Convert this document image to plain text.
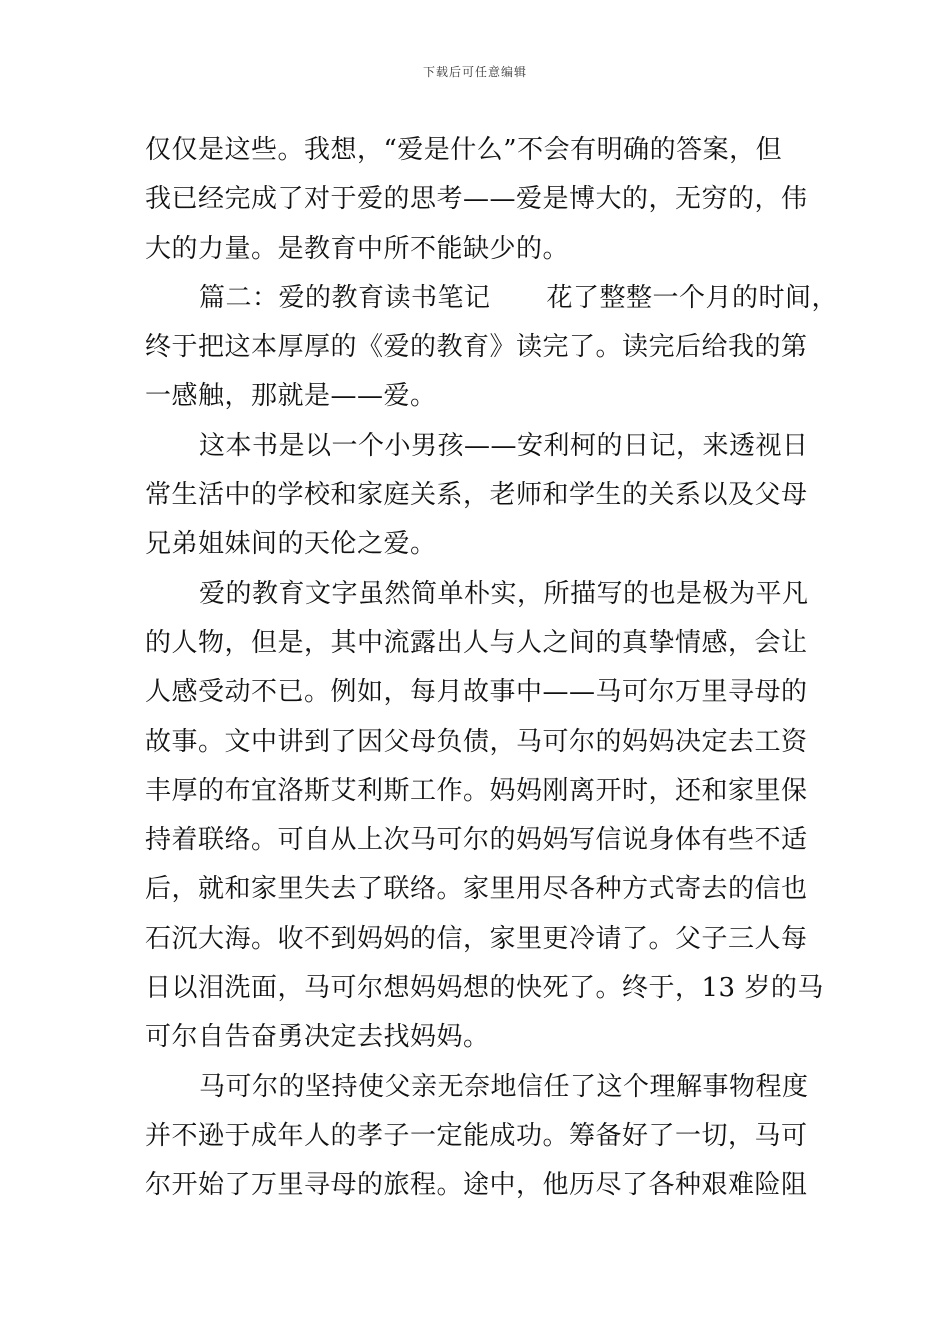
下载后可任意编辑
仅仅是这些。我想，“爱是什么”不会有明确的答案，但
我已经完成了对于爱的思考——爱是博大的，无穷的，伟
大的力量。是教育中所不能缺少的。
篇二：爱的教育读书笔记 花了整整一个月的时间，
终于把这本厚厚的《爱的教育》读完了。读完后给我的第
一感触，那就是——爱。
这本书是以一个小男孩——安利柯的日记，来透视日
常生活中的学校和家庭关系，老师和学生的关系以及父母
兄弟姐妹间的天伦之爱。
爱的教育文字虽然简单朴实，所描写的也是极为平凡
的人物，但是，其中流露出人与人之间的真挚情感，会让
人感受动不已。例如，每月故事中——马可尔万里寻母的
故事。文中讲到了因父母负债，马可尔的妈妈决定去工资
丰厚的布宜洛斯艾利斯工作。妈妈刚离开时，还和家里保
持着联络。可自从上次马可尔的妈妈写信说身体有些不适
后，就和家里失去了联络。家里用尽各种方式寄去的信也
石沉大海。收不到妈妈的信，家里更冷请了。父子三人每
日以泪洗面，马可尔想妈妈想的快死了。终于，13 岁的马
可尔自告奋勇决定去找妈妈。
马可尔的坚持使父亲无奈地信任了这个理解事物程度
并不逊于成年人的孝子一定能成功。筹备好了一切，马可
尔开始了万里寻母的旅程。途中，他历尽了各种艰难险阻
